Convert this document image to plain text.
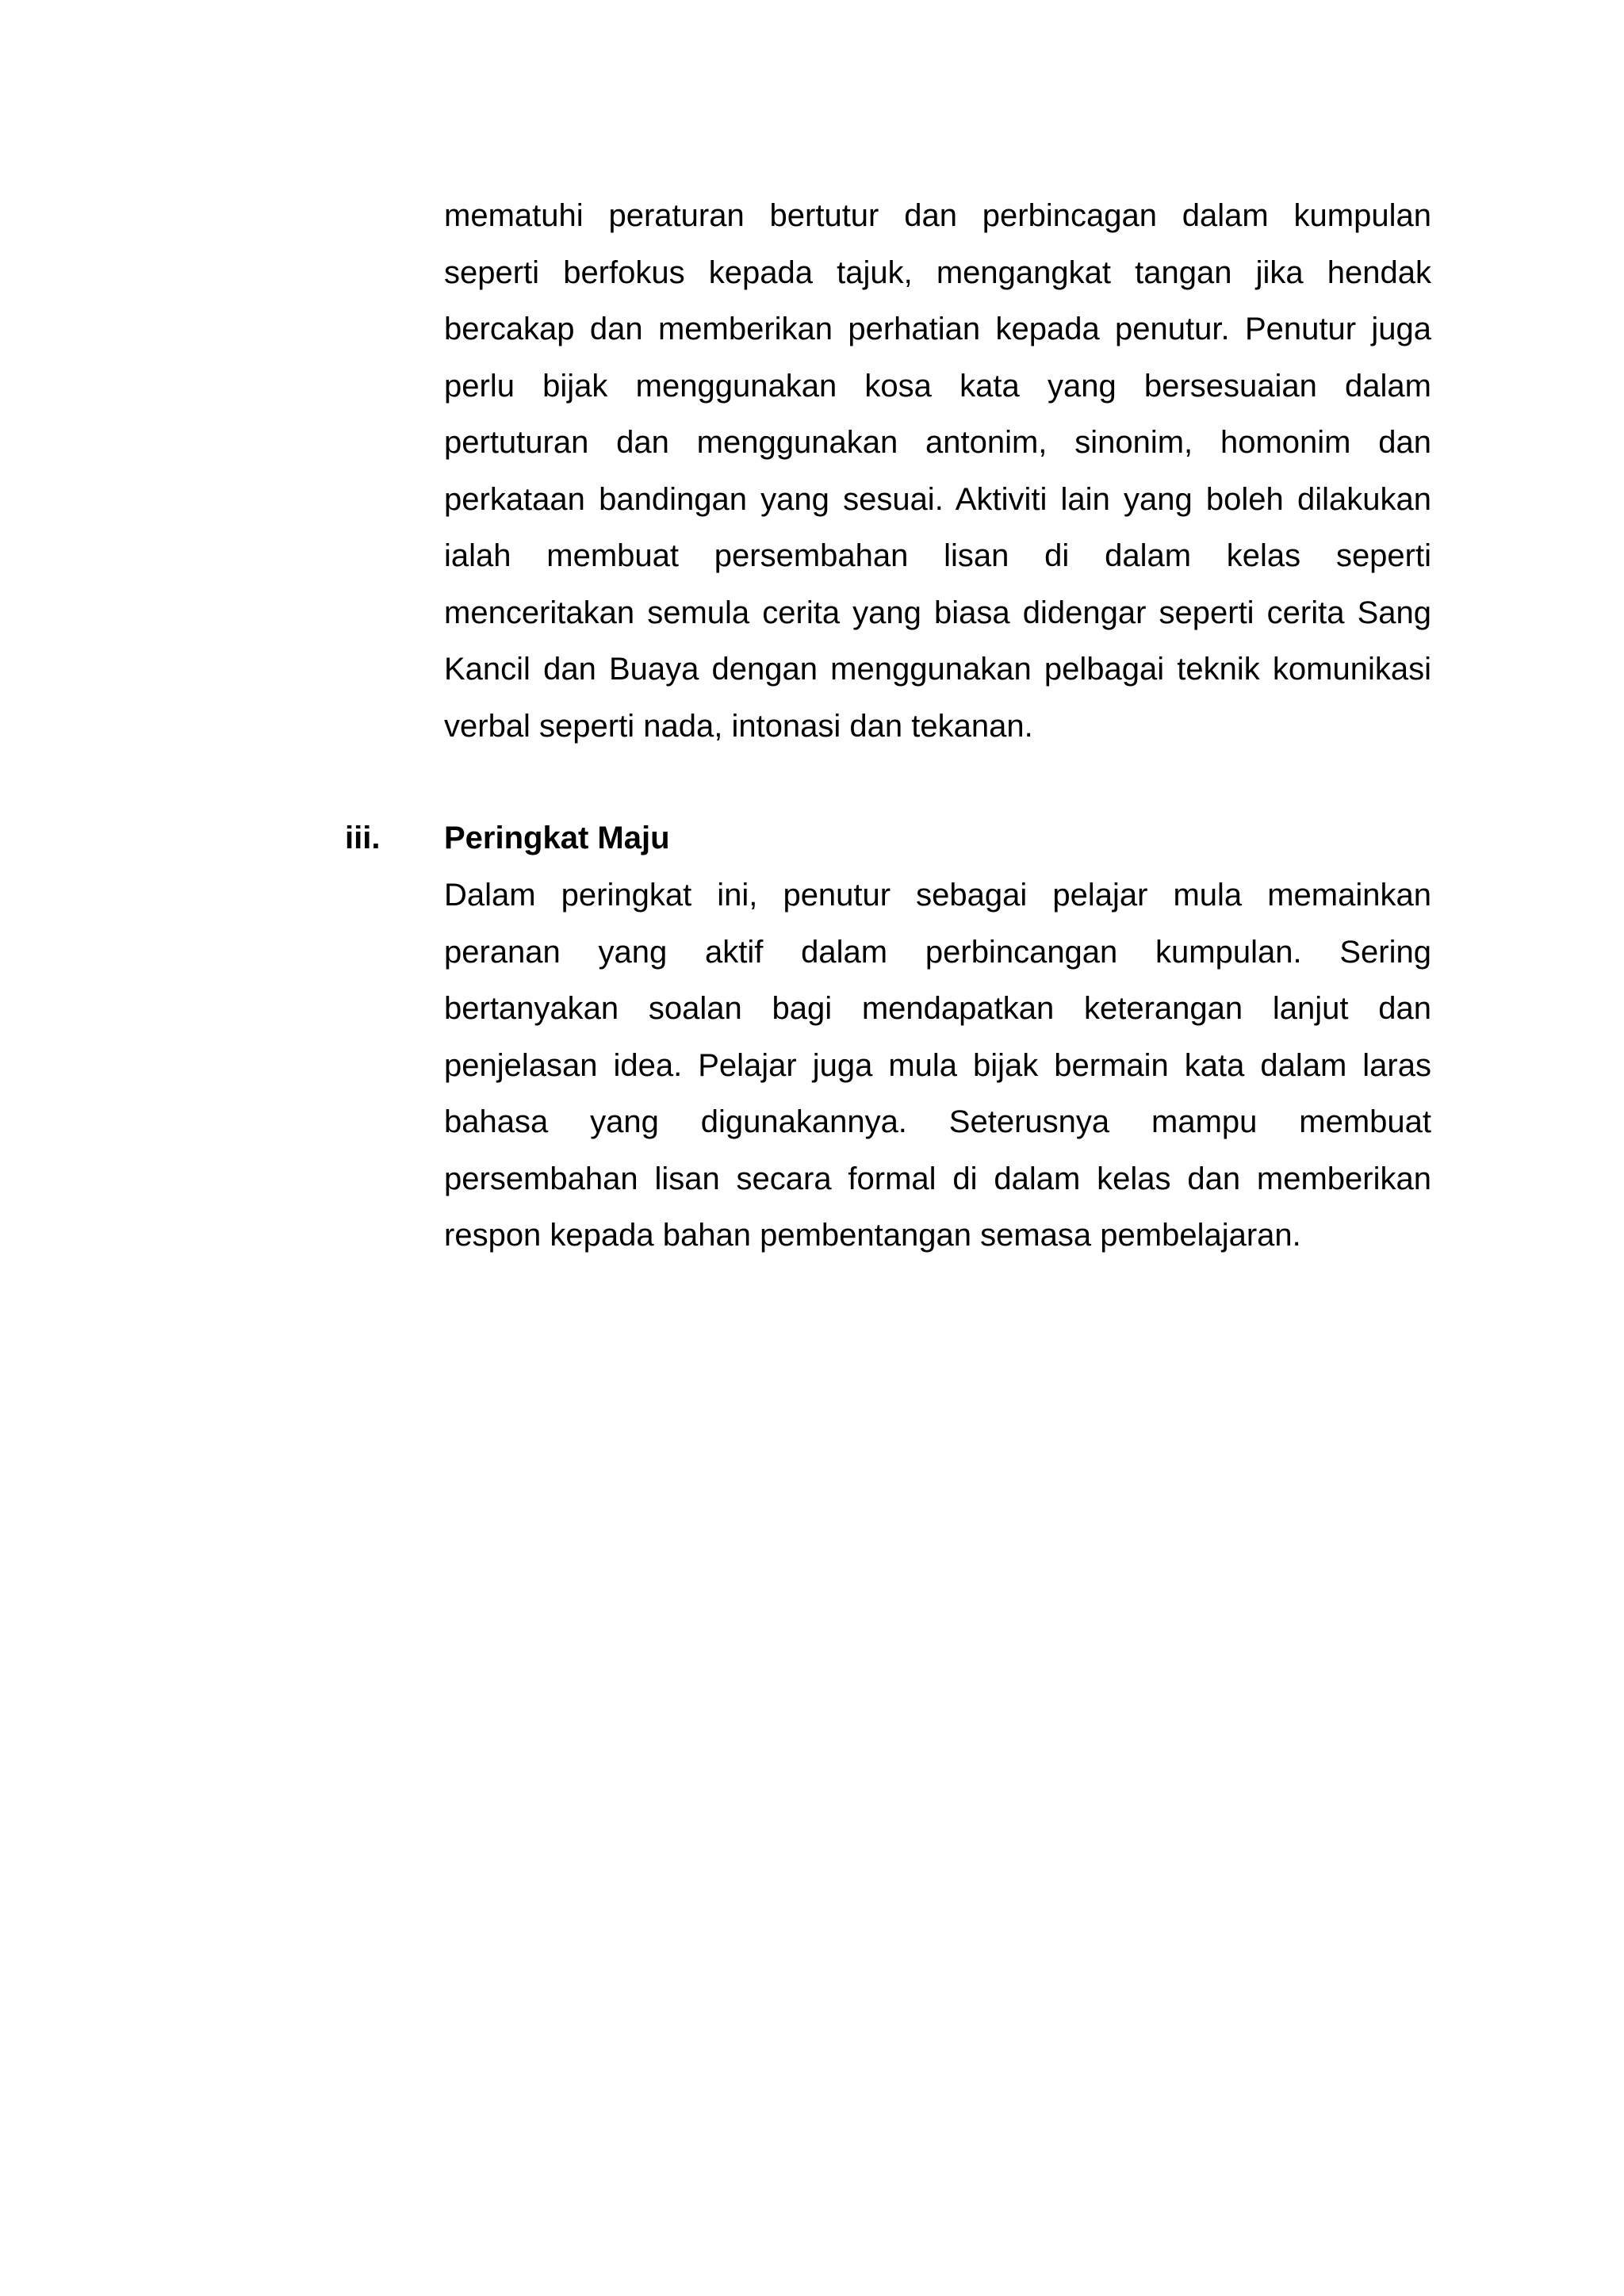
mematuhi peraturan bertutur dan perbincagan dalam kumpulan seperti berfokus kepada tajuk, mengangkat tangan jika hendak bercakap dan memberikan perhatian kepada penutur. Penutur juga perlu bijak menggunakan kosa kata yang bersesuaian dalam pertuturan dan menggunakan antonim, sinonim, homonim dan perkataan bandingan yang sesuai. Aktiviti lain yang boleh dilakukan ialah membuat persembahan lisan di dalam kelas seperti menceritakan semula cerita yang biasa didengar seperti cerita Sang Kancil dan Buaya dengan menggunakan pelbagai teknik komunikasi verbal seperti nada, intonasi dan tekanan.

iii. Peringkat Maju

Dalam peringkat ini, penutur sebagai pelajar mula memainkan peranan yang aktif dalam perbincangan kumpulan. Sering bertanyakan soalan bagi mendapatkan keterangan lanjut dan penjelasan idea. Pelajar juga mula bijak bermain kata dalam laras bahasa yang digunakannya. Seterusnya mampu membuat persembahan lisan secara formal di dalam kelas dan memberikan respon kepada bahan pembentangan semasa pembelajaran.
